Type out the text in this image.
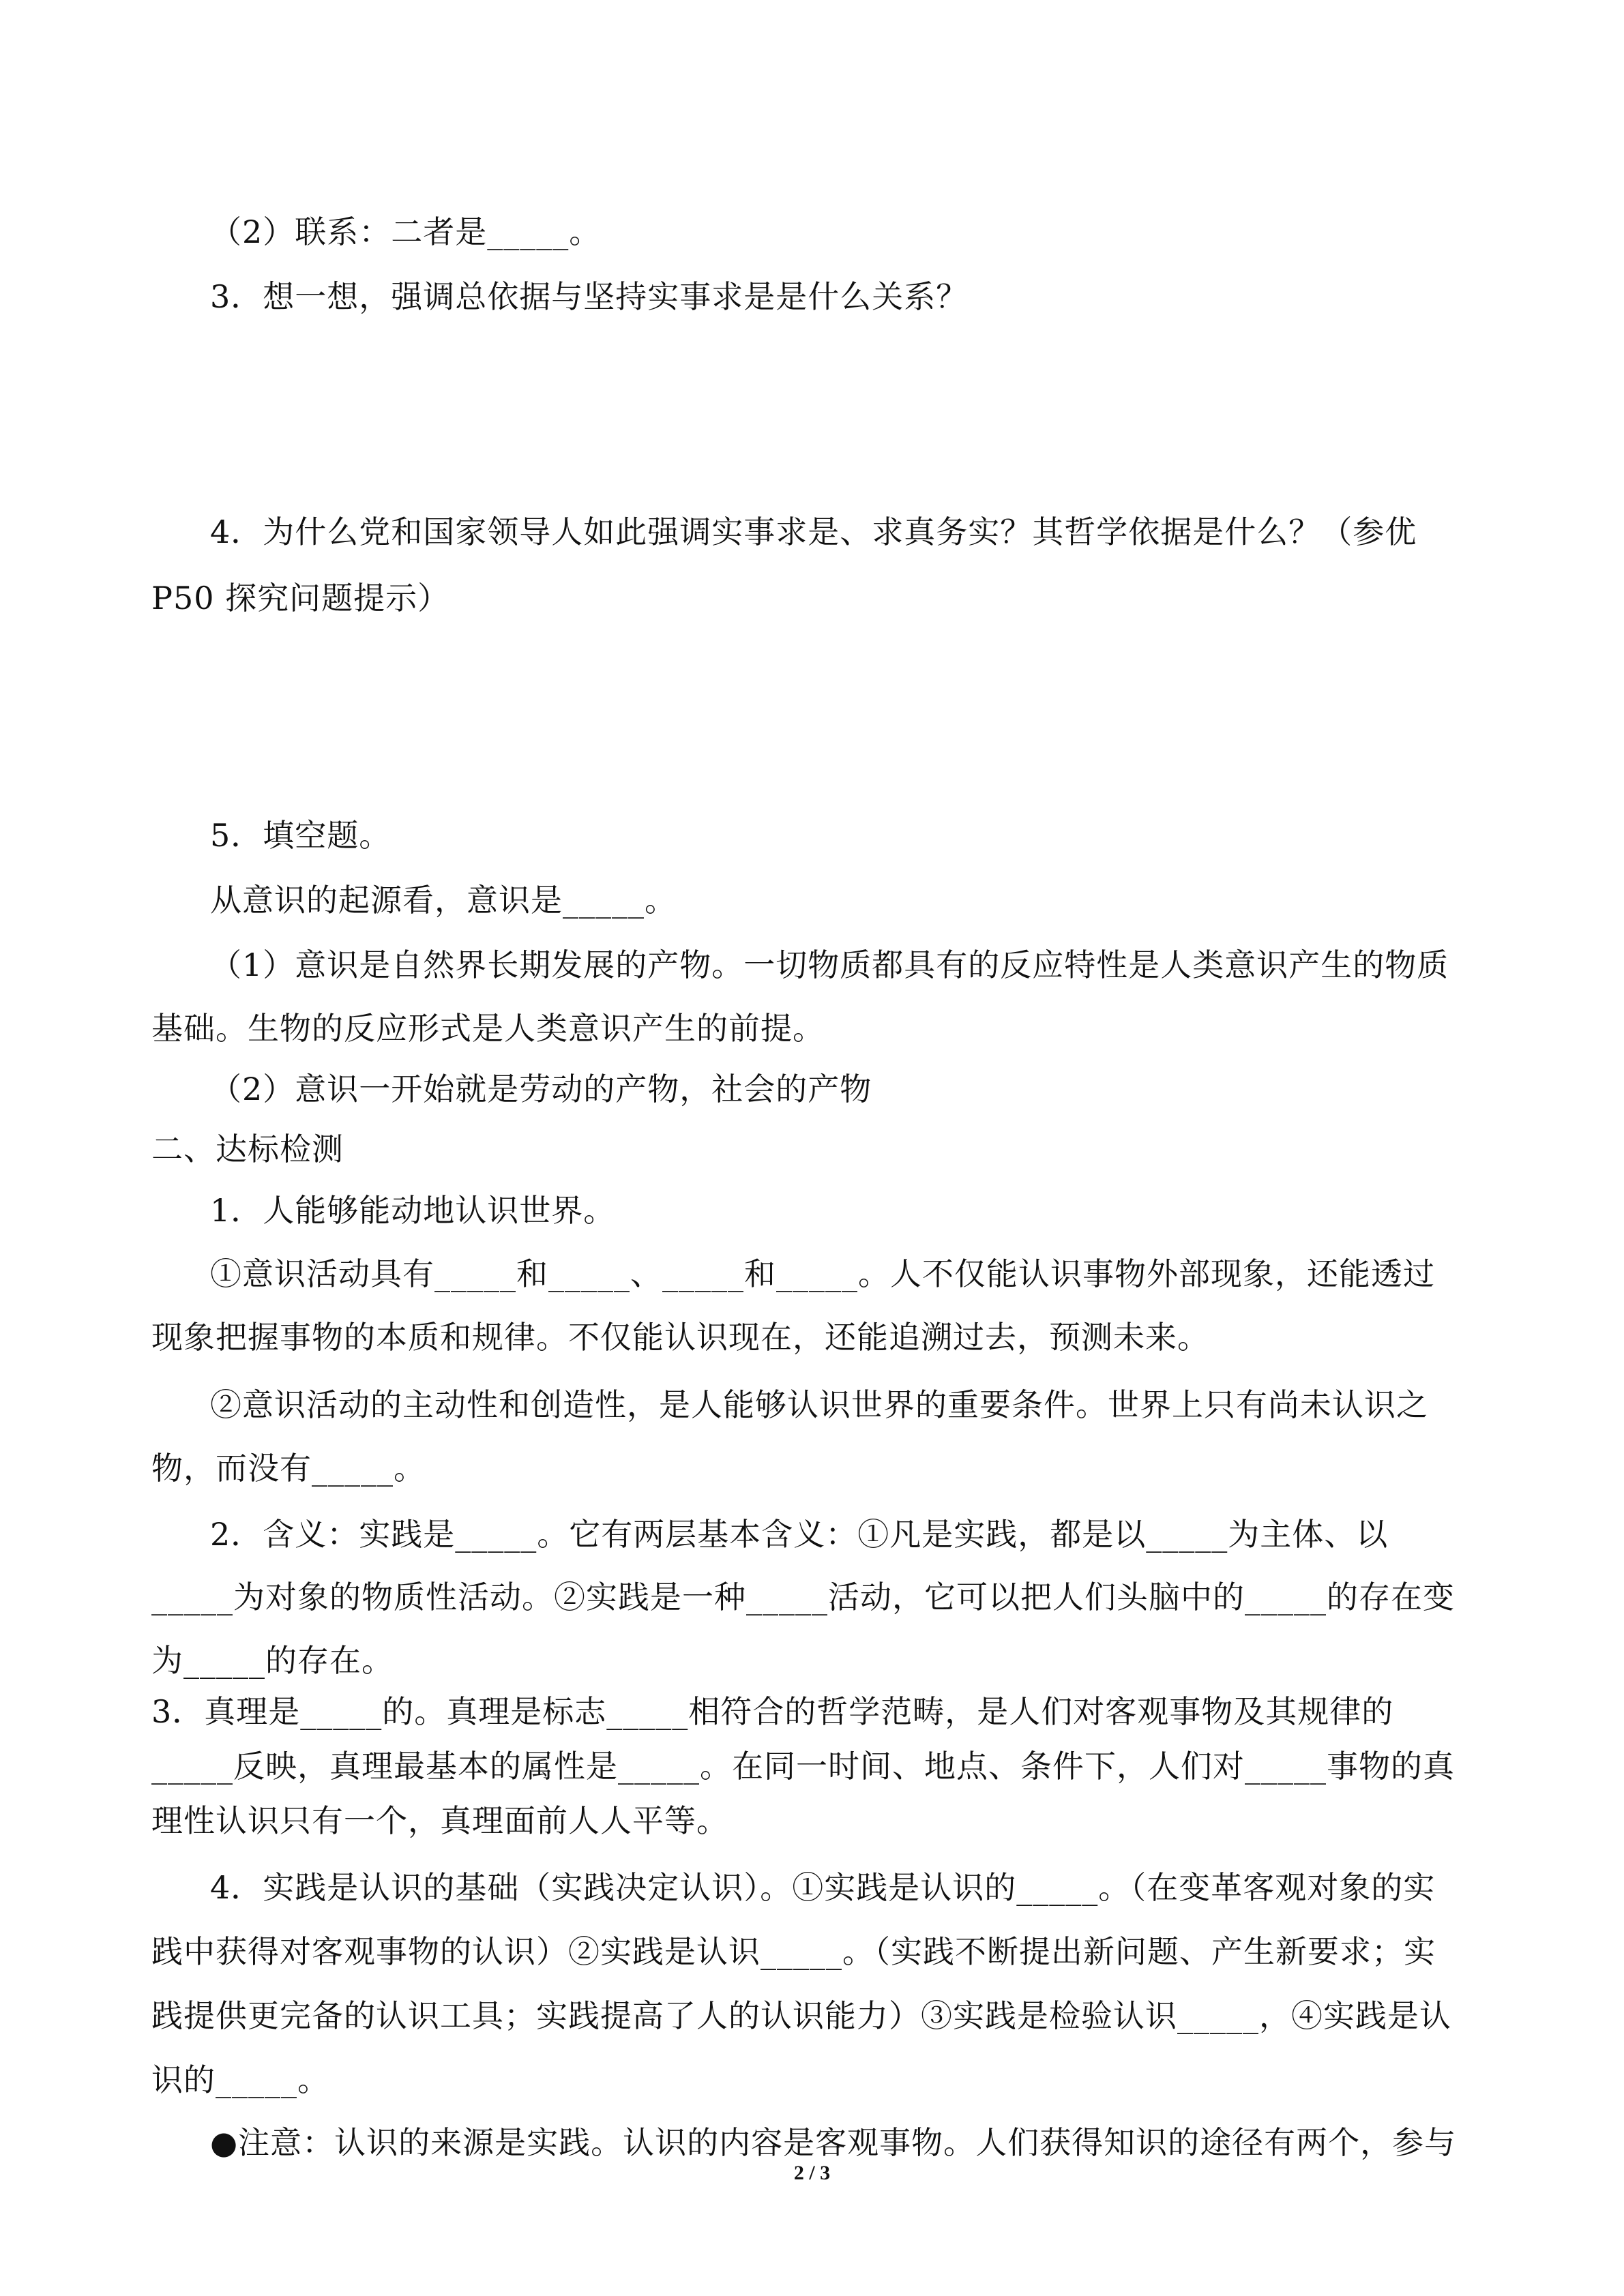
（2）联系：二者是_____。
3．想一想，强调总依据与坚持实事求是是什么关系？
4．为什么党和国家领导人如此强调实事求是、求真务实？其哲学依据是什么？（参优
P50 探究问题提示）
5．填空题。
从意识的起源看，意识是_____。
（1）意识是自然界长期发展的产物。一切物质都具有的反应特性是人类意识产生的物质
基础。生物的反应形式是人类意识产生的前提。
（2）意识一开始就是劳动的产物，社会的产物
二、达标检测
1．人能够能动地认识世界。
①意识活动具有_____和_____、_____和_____。人不仅能认识事物外部现象，还能透过
现象把握事物的本质和规律。不仅能认识现在，还能追溯过去，预测未来。
②意识活动的主动性和创造性，是人能够认识世界的重要条件。世界上只有尚未认识之
物，而没有_____。
2．含义：实践是_____。它有两层基本含义：①凡是实践，都是以_____为主体、以
_____为对象的物质性活动。②实践是一种_____活动，它可以把人们头脑中的_____的存在变
为_____的存在。
3．真理是_____的。真理是标志_____相符合的哲学范畴，是人们对客观事物及其规律的
_____反映，真理最基本的属性是_____。在同一时间、地点、条件下，人们对_____事物的真
理性认识只有一个，真理面前人人平等。
4．实践是认识的基础（实践决定认识）。①实践是认识的_____。（在变革客观对象的实
践中获得对客观事物的认识）②实践是认识_____。（实践不断提出新问题、产生新要求；实
践提供更完备的认识工具；实践提高了人的认识能力）③实践是检验认识_____，④实践是认
识的_____。
●注意：认识的来源是实践。认识的内容是客观事物。人们获得知识的途径有两个，参与
2 / 3
